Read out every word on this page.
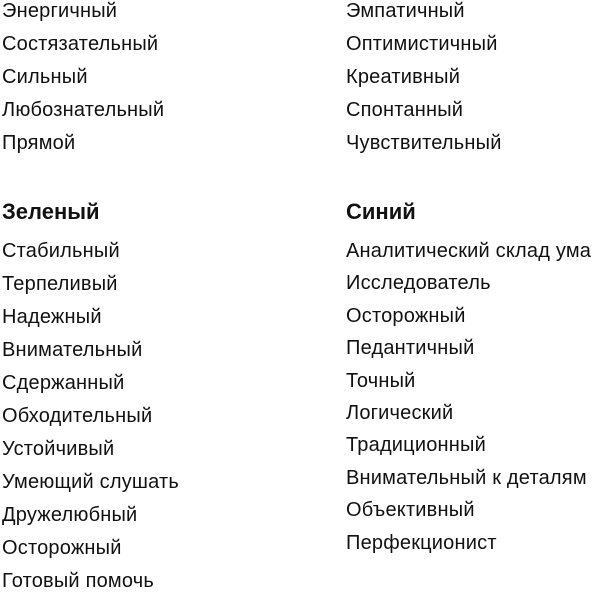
Энергичный
Состязательный
Сильный
Любознательный
Прямой
Зеленый
Стабильный
Терпеливый
Надежный
Внимательный
Сдержанный
Обходительный
Устойчивый
Умеющий слушать
Дружелюбный
Осторожный
Готовый помочь
Эмпатичный
Оптимистичный
Креативный
Спонтанный
Чувствительный
Синий
Аналитический склад ума
Исследователь
Осторожный
Педантичный
Точный
Логический
Традиционный
Внимательный к деталям
Объективный
Перфекционист
